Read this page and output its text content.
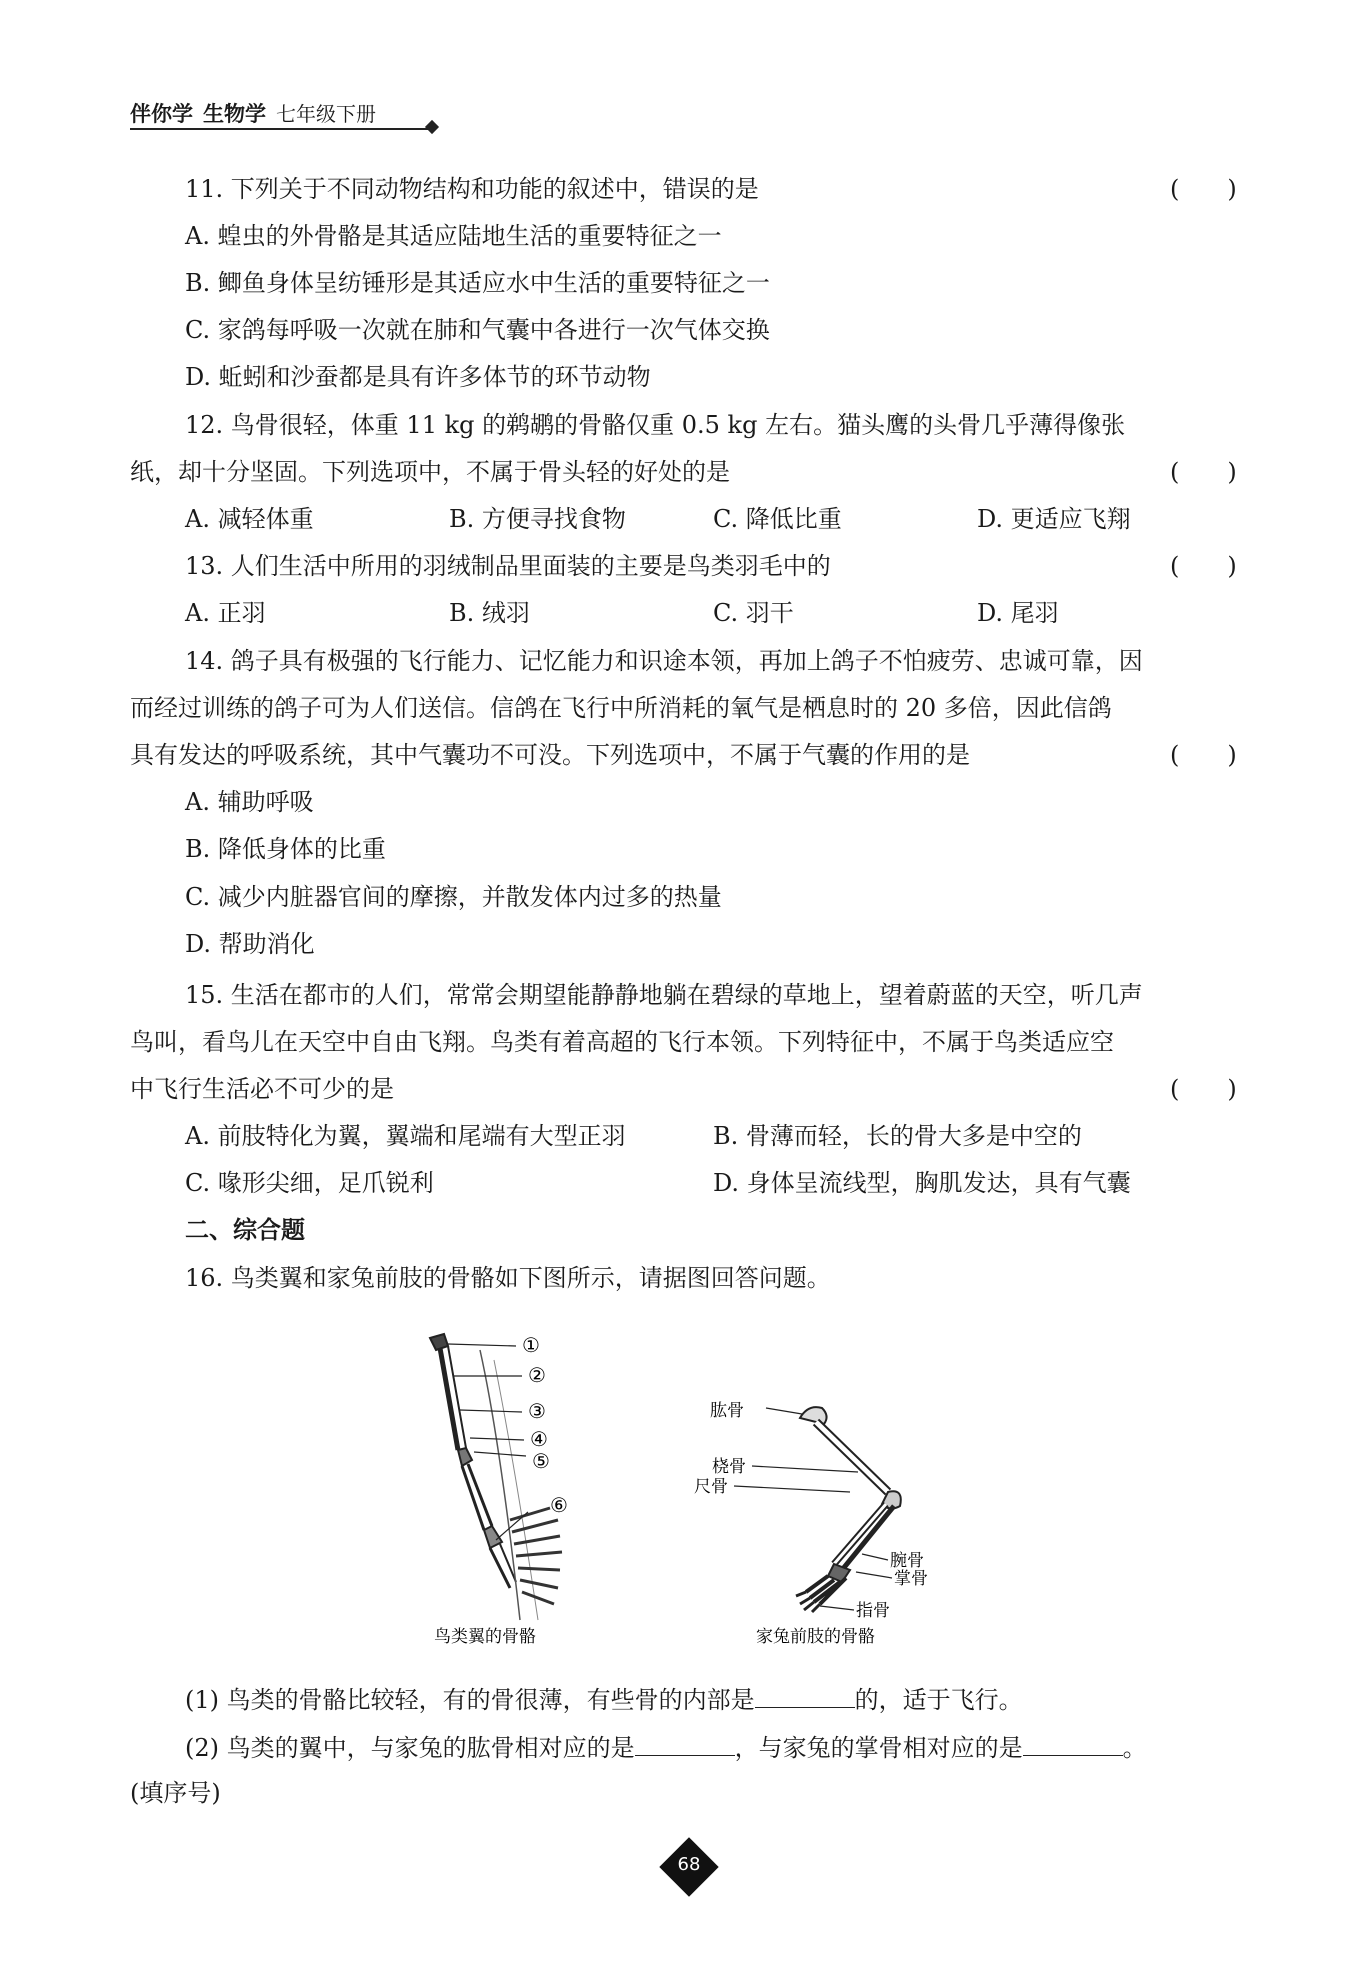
伴你学 生物学 七年级下册
11. 下列关于不同动物结构和功能的叙述中，错误的是	(　　)
A. 蝗虫的外骨骼是其适应陆地生活的重要特征之一
B. 鲫鱼身体呈纺锤形是其适应水中生活的重要特征之一
C. 家鸽每呼吸一次就在肺和气囊中各进行一次气体交换
D. 蚯蚓和沙蚕都是具有许多体节的环节动物
12. 鸟骨很轻，体重 11 kg 的鹈鹕的骨骼仅重 0.5 kg 左右。猫头鹰的头骨几乎薄得像张
纸，却十分坚固。下列选项中，不属于骨头轻的好处的是	(　　)
A. 减轻体重	B. 方便寻找食物	C. 降低比重	D. 更适应飞翔
13. 人们生活中所用的羽绒制品里面装的主要是鸟类羽毛中的	(　　)
A. 正羽	B. 绒羽	C. 羽干	D. 尾羽
14. 鸽子具有极强的飞行能力、记忆能力和识途本领，再加上鸽子不怕疲劳、忠诚可靠，因
而经过训练的鸽子可为人们送信。信鸽在飞行中所消耗的氧气是栖息时的 20 多倍，因此信鸽
具有发达的呼吸系统，其中气囊功不可没。下列选项中，不属于气囊的作用的是	(　　)
A. 辅助呼吸
B. 降低身体的比重
C. 减少内脏器官间的摩擦，并散发体内过多的热量
D. 帮助消化
15. 生活在都市的人们，常常会期望能静静地躺在碧绿的草地上，望着蔚蓝的天空，听几声
鸟叫，看鸟儿在天空中自由飞翔。鸟类有着高超的飞行本领。下列特征中，不属于鸟类适应空
中飞行生活必不可少的是	(　　)
A. 前肢特化为翼，翼端和尾端有大型正羽	B. 骨薄而轻，长的骨大多是中空的
C. 喙形尖细，足爪锐利	D. 身体呈流线型，胸肌发达，具有气囊
二、综合题
16. 鸟类翼和家兔前肢的骨骼如下图所示，请据图回答问题。
①
②
③
④
⑤
⑥
鸟类翼的骨骼
肱骨
桡骨
尺骨
腕骨
掌骨
指骨
家兔前肢的骨骼
(1) 鸟类的骨骼比较轻，有的骨很薄，有些骨的内部是	的，适于飞行。
(2) 鸟类的翼中，与家兔的肱骨相对应的是	，与家兔的掌骨相对应的是	。
(填序号)
68
